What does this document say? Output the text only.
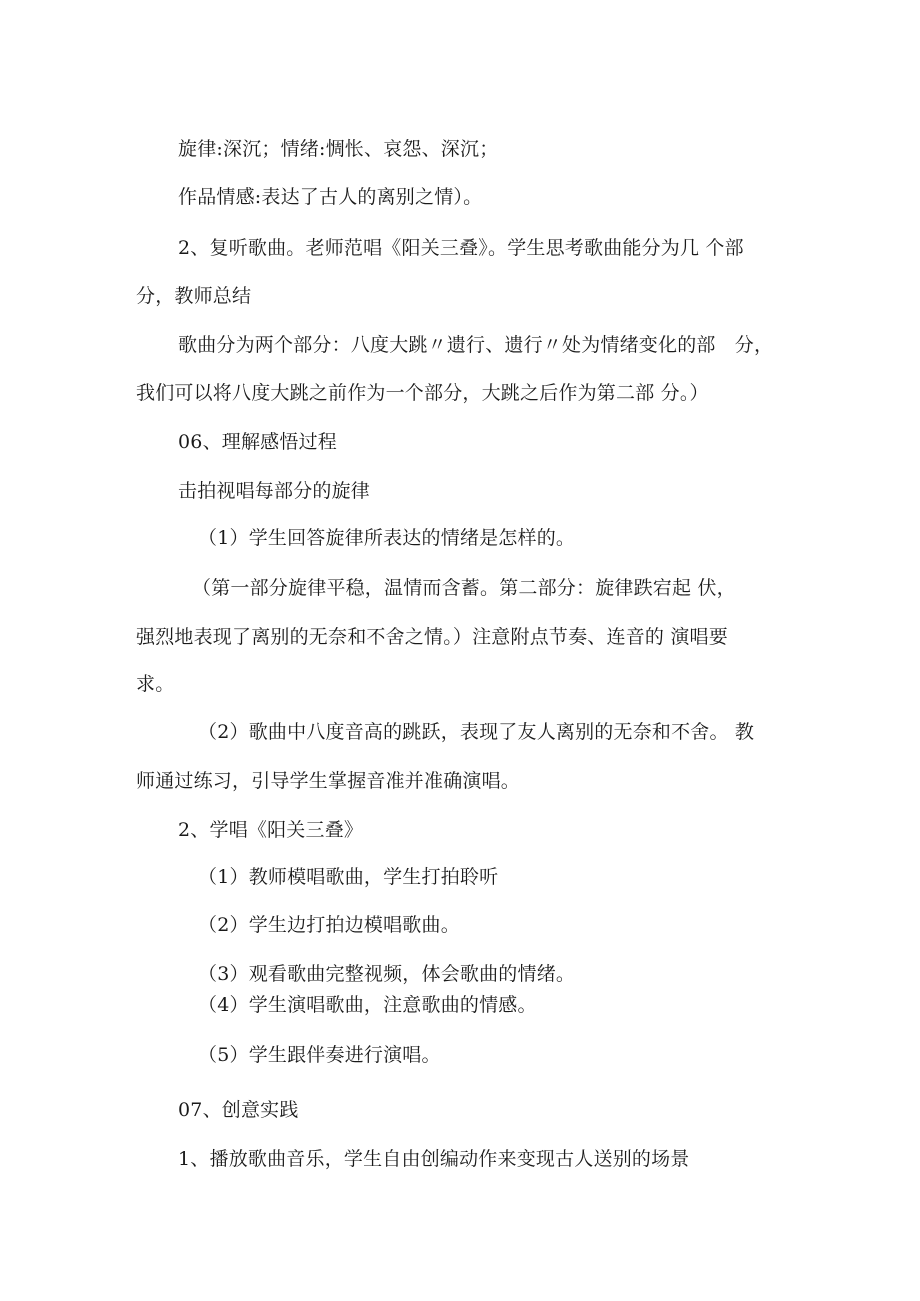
旋律:深沉；情绪:惆怅、哀怨、深沉；
作品情感:表达了古人的离别之情）。
2、复听歌曲。老师范唱《阳关三叠》。学生思考歌曲能分为几 个部
分，教师总结
歌曲分为两个部分：八度大跳〃遗行、遗行〃处为情绪变化的部　分，
我们可以将八度大跳之前作为一个部分，大跳之后作为第二部 分。）
06、理解感悟过程
击拍视唱每部分的旋律
（1）学生回答旋律所表达的情绪是怎样的。
（第一部分旋律平稳，温情而含蓄。第二部分：旋律跌宕起 伏，
强烈地表现了离别的无奈和不舍之情。）注意附点节奏、连音的 演唱要
求。
（2）歌曲中八度音高的跳跃，表现了友人离别的无奈和不舍。 教
师通过练习，引导学生掌握音准并准确演唱。
2、学唱《阳关三叠》
（1）教师模唱歌曲，学生打拍聆听
（2）学生边打拍边模唱歌曲。
（3）观看歌曲完整视频，体会歌曲的情绪。
（4）学生演唱歌曲，注意歌曲的情感。
（5）学生跟伴奏进行演唱。
07、创意实践
1、播放歌曲音乐，学生自由创编动作来变现古人送别的场景
